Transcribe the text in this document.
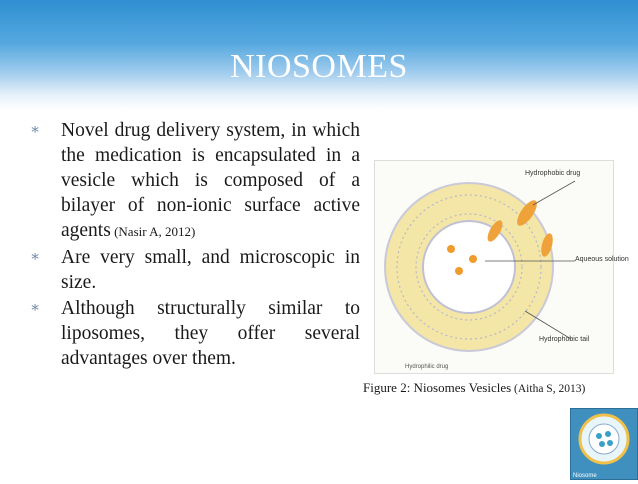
NIOSOMES
∗ Novel drug delivery system, in which the medication is encapsulated in a vesicle which is composed of a bilayer of non-ionic surface active agents (Nasir A, 2012)
∗ Are very small, and microscopic in size.
∗ Although structurally similar to liposomes, they offer several advantages over them.
Hydrophobic drug
Aqueous solution
Hydrophobic tail
Hydrophilic drug
Figure 2: Niosomes Vesicles (Aitha S, 2013)
Niosome
